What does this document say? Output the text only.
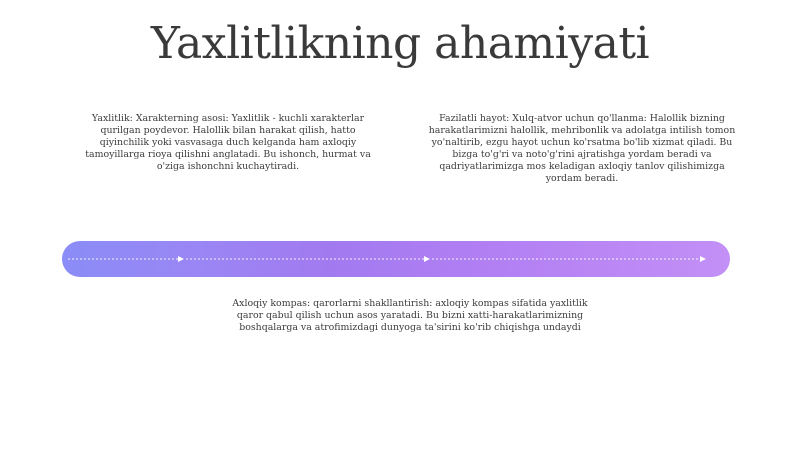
Yaxlitlikning ahamiyati

Yaxlitlik: Xarakterning asosi: Yaxlitlik - kuchli xarakterlar qurilgan poydevor. Halollik bilan harakat qilish, hatto qiyinchilik yoki vasvasaga duch kelganda ham axloqiy tamoyillarga rioya qilishni anglatadi. Bu ishonch, hurmat va o'ziga ishonchni kuchaytiradi.

Fazilatli hayot: Xulq-atvor uchun qo'llanma: Halollik bizning harakatlarimizni halollik, mehribonlik va adolatga intilish tomon yo'naltirib, ezgu hayot uchun ko'rsatma bo'lib xizmat qiladi. Bu bizga to'g'ri va noto'g'rini ajratishga yordam beradi va qadriyatlarimizga mos keladigan axloqiy tanlov qilishimizga yordam beradi.

Axloqiy kompas: qarorlarni shakllantirish: axloqiy kompas sifatida yaxlitlik qaror qabul qilish uchun asos yaratadi. Bu bizni xatti-harakatlarimizning boshqalarga va atrofimizdagi dunyoga ta'sirini ko'rib chiqishga undaydi
